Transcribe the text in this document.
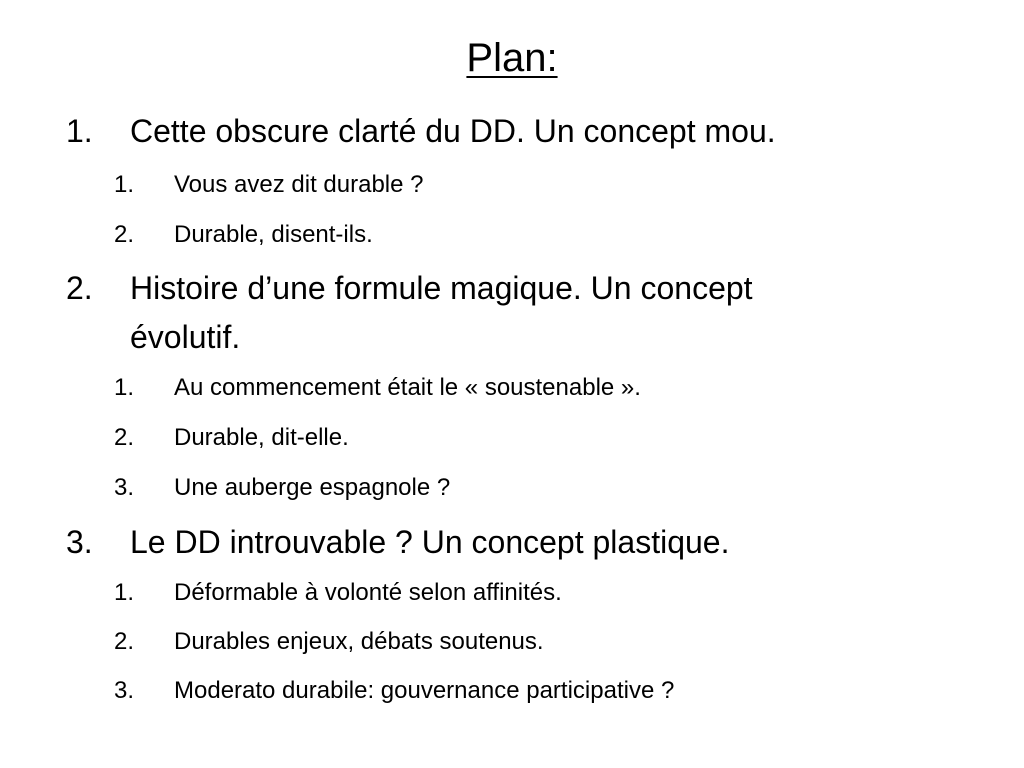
Plan:
1. Cette obscure clarté du DD. Un concept mou.
1. Vous avez dit durable ?
2. Durable, disent-ils.
2. Histoire d’une formule magique. Un concept
évolutif.
1. Au commencement était le « soustenable ».
2. Durable, dit-elle.
3. Une auberge espagnole ?
3. Le DD introuvable ? Un concept plastique.
1. Déformable à volonté selon affinités.
2. Durables enjeux, débats soutenus.
3. Moderato durabile: gouvernance participative ?
